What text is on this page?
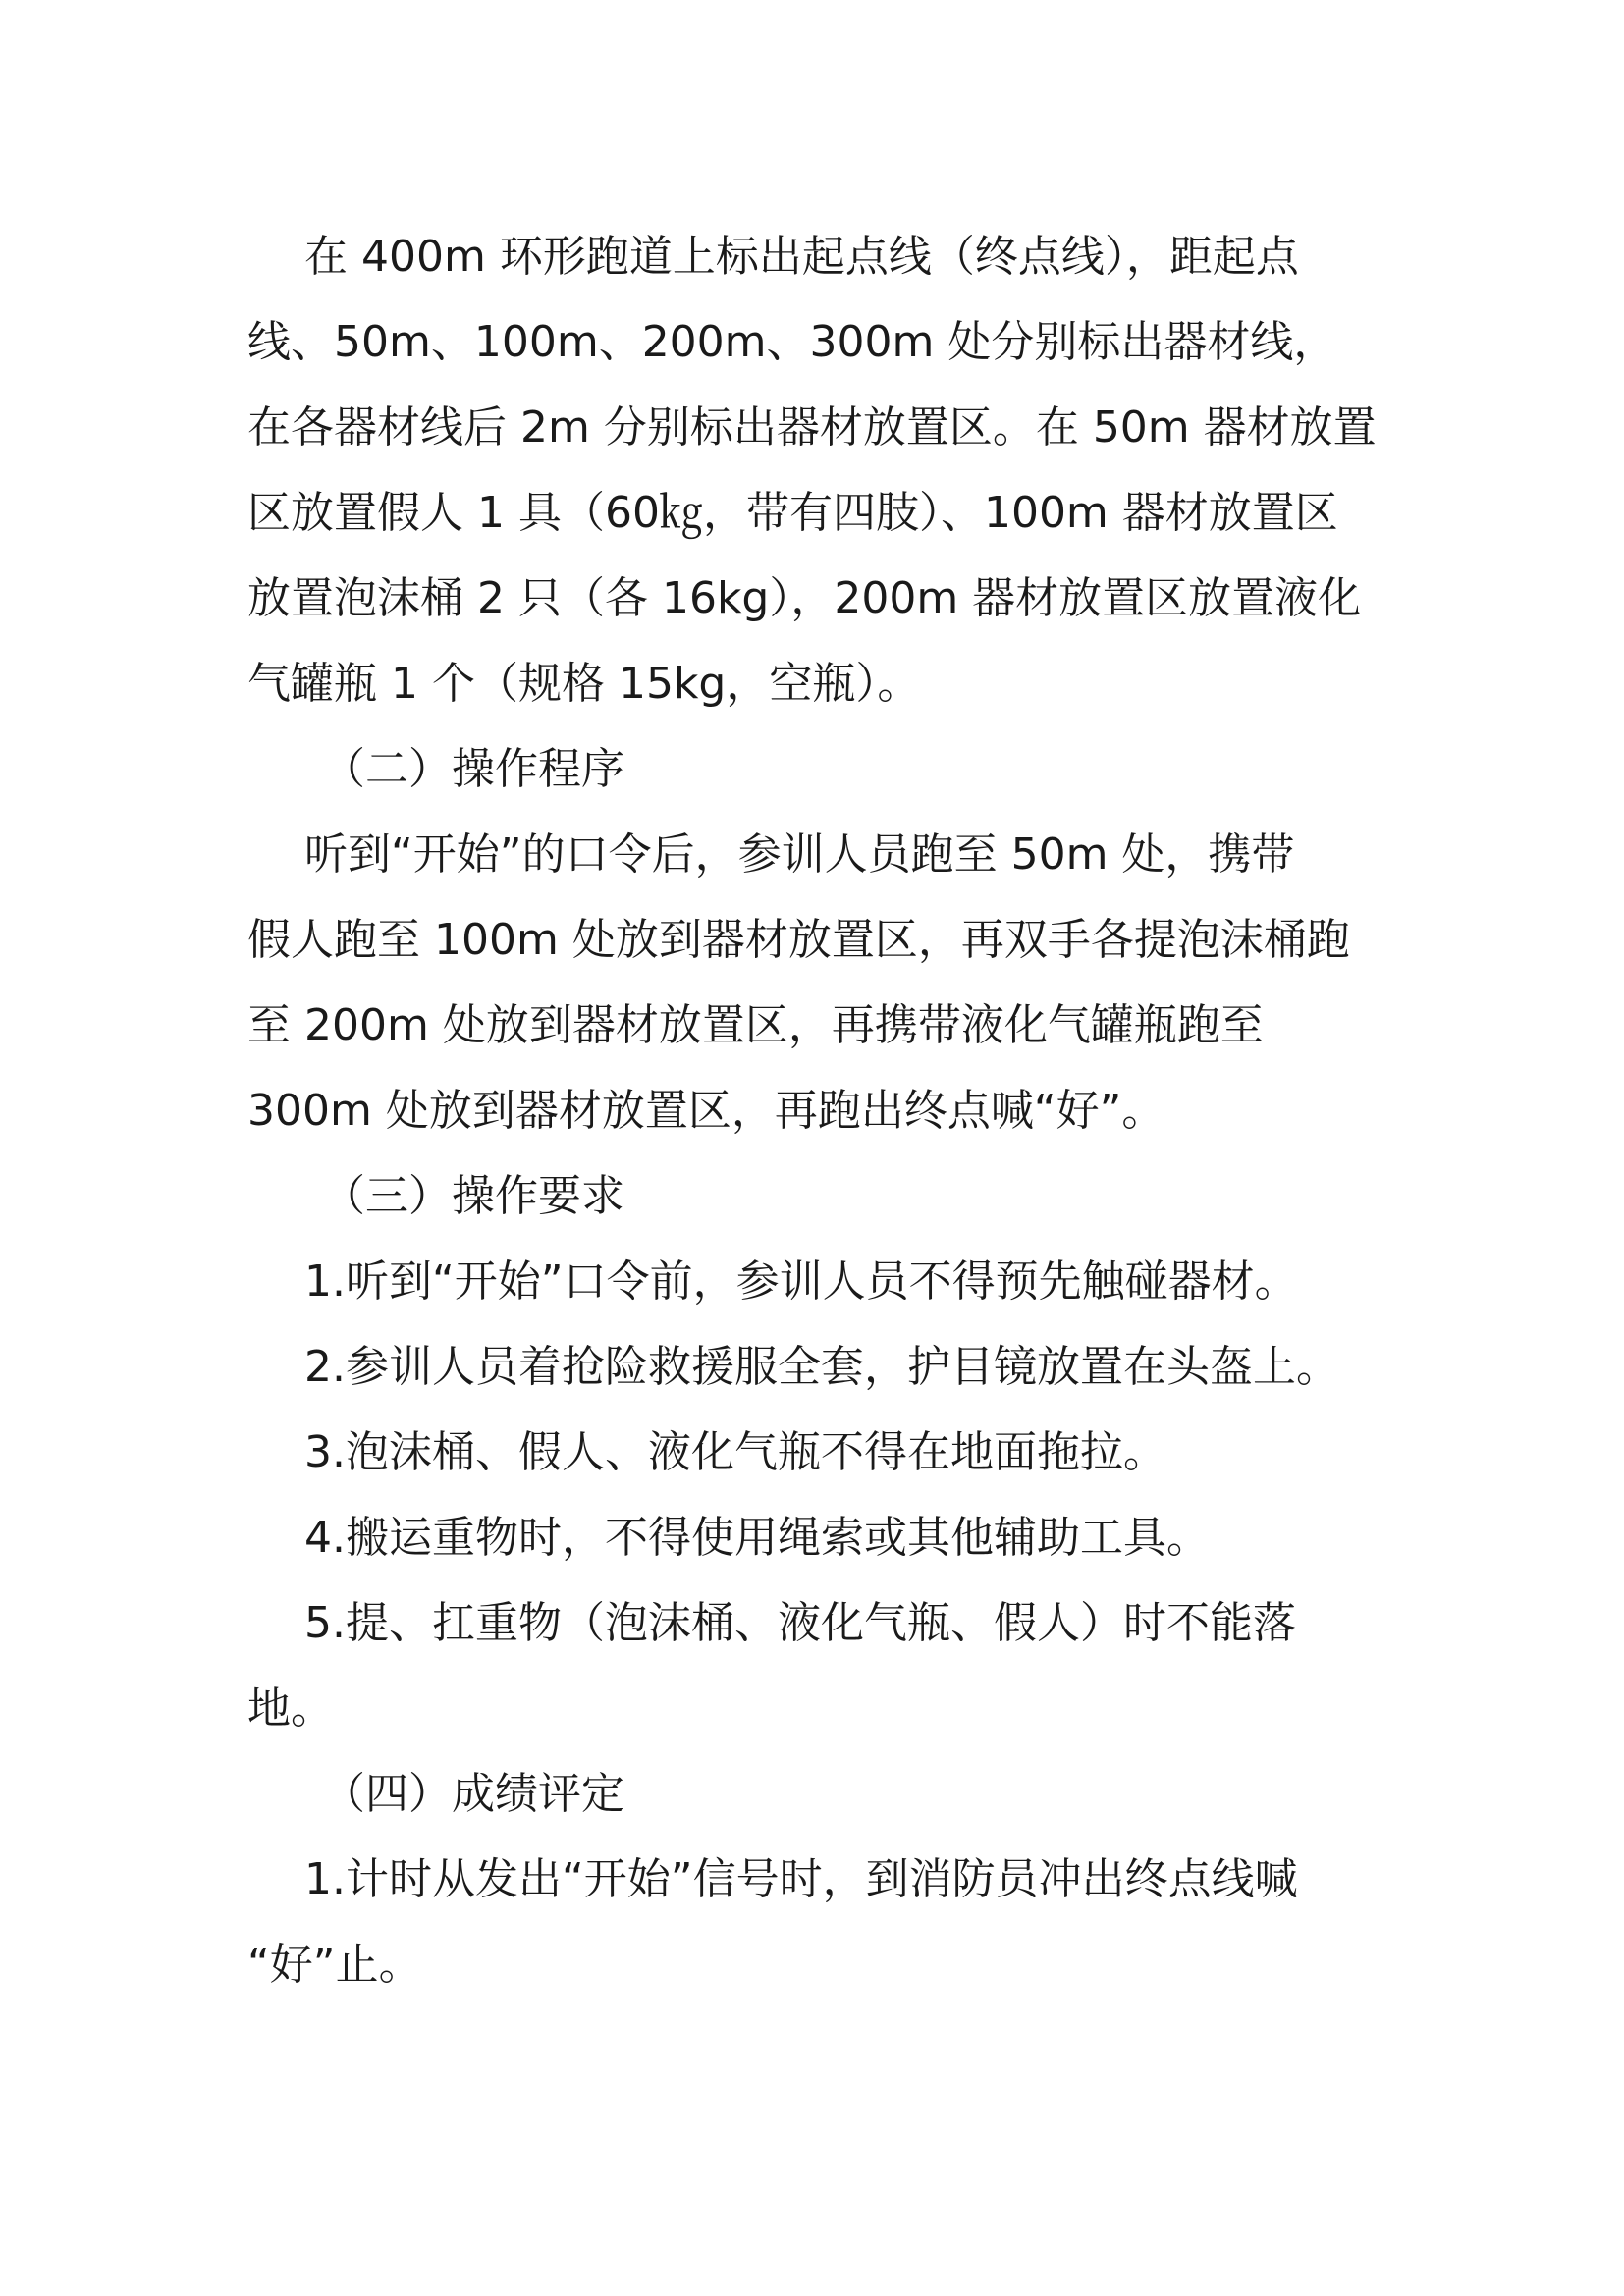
在 400m 环形跑道上标出起点线（终点线），距起点
线、50m、100m、200m、300m 处分别标出器材线，
在各器材线后 2m 分别标出器材放置区。在 50m 器材放置
区放置假人 1 具（60㎏，带有四肢）、100m 器材放置区
放置泡沫桶 2 只（各 16kg），200m 器材放置区放置液化
气罐瓶 1 个（规格 15kg，空瓶）。
（二）操作程序
听到“开始”的口令后，参训人员跑至 50m 处，携带
假人跑至 100m 处放到器材放置区，再双手各提泡沫桶跑
至 200m 处放到器材放置区，再携带液化气罐瓶跑至
300m 处放到器材放置区，再跑出终点喊“好”。
（三）操作要求
1.听到“开始”口令前，参训人员不得预先触碰器材。
2.参训人员着抢险救援服全套，护目镜放置在头盔上。
3.泡沫桶、假人、液化气瓶不得在地面拖拉。
4.搬运重物时，不得使用绳索或其他辅助工具。
5.提、扛重物（泡沫桶、液化气瓶、假人）时不能落
地。
（四）成绩评定
1.计时从发出“开始”信号时，到消防员冲出终点线喊
“好”止。
